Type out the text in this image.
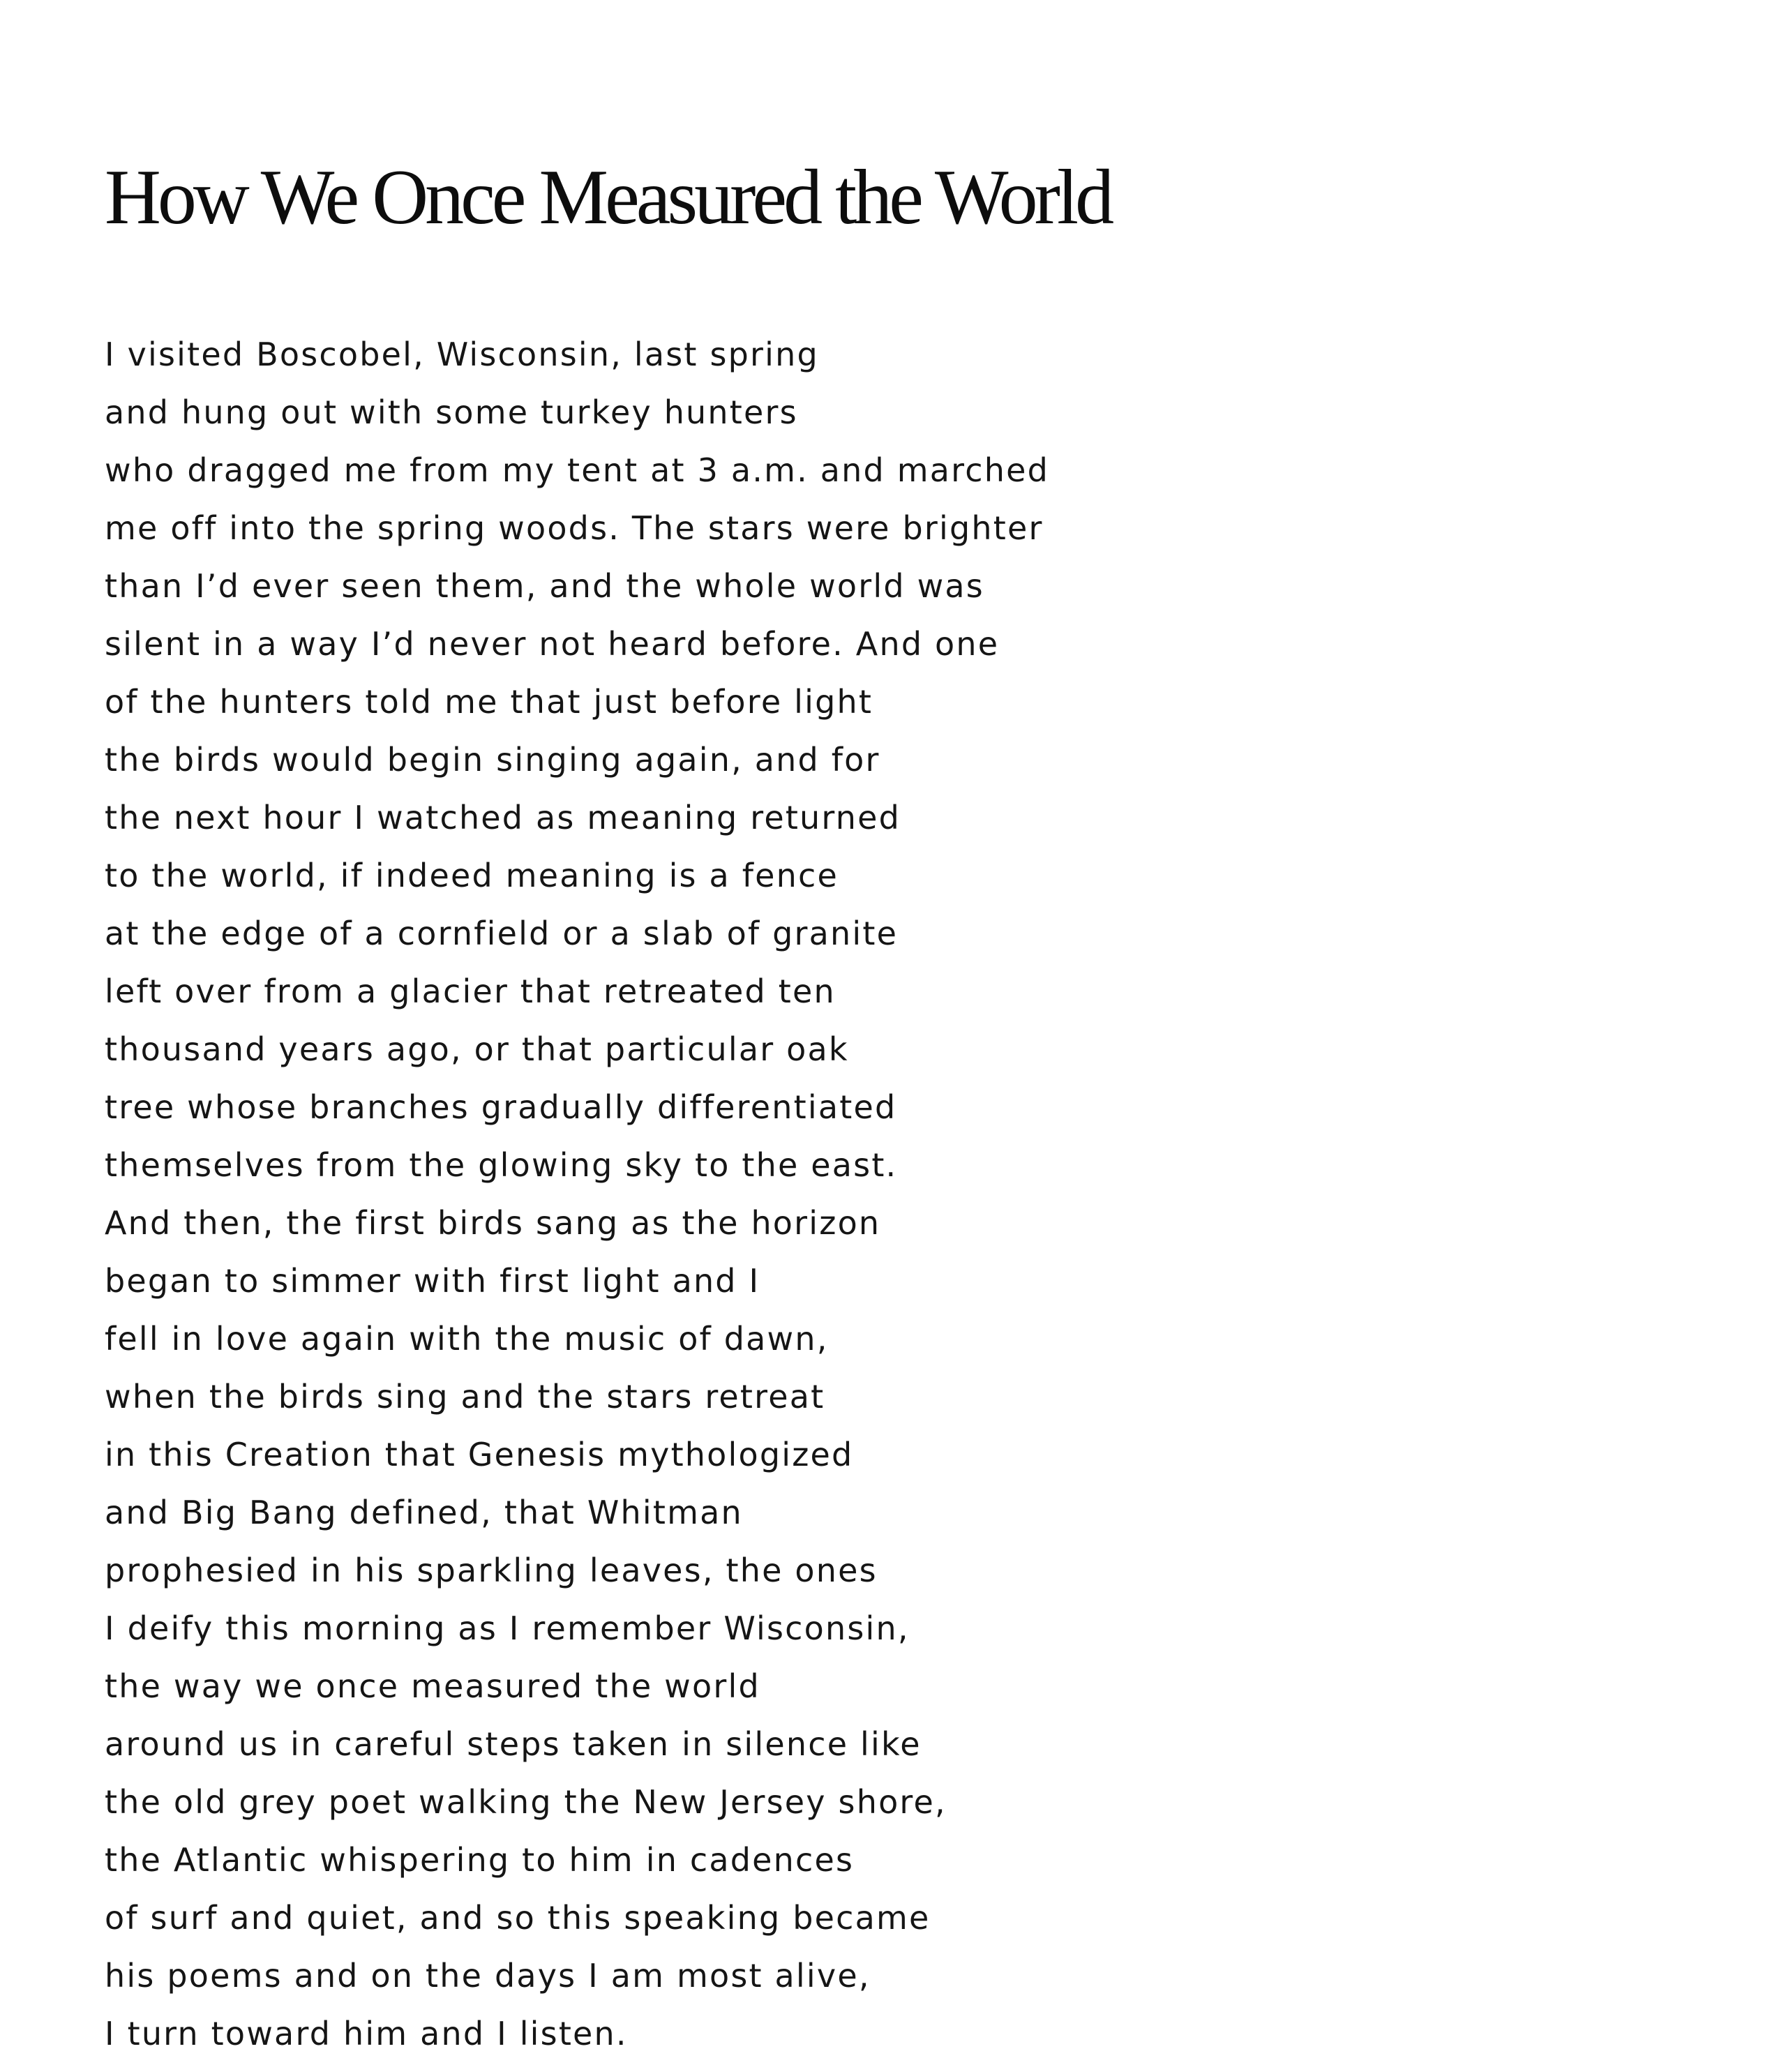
How We Once Measured the World
I visited Boscobel, Wisconsin, last spring
and hung out with some turkey hunters
who dragged me from my tent at 3 a.m. and marched
me off into the spring woods. The stars were brighter
than I’d ever seen them, and the whole world was
silent in a way I’d never not heard before. And one
of the hunters told me that just before light
the birds would begin singing again, and for
the next hour I watched as meaning returned
to the world, if indeed meaning is a fence
at the edge of a cornfield or a slab of granite
left over from a glacier that retreated ten
thousand years ago, or that particular oak
tree whose branches gradually differentiated
themselves from the glowing sky to the east.
And then, the first birds sang as the horizon
began to simmer with first light and I
fell in love again with the music of dawn,
when the birds sing and the stars retreat
in this Creation that Genesis mythologized
and Big Bang defined, that Whitman
prophesied in his sparkling leaves, the ones
I deify this morning as I remember Wisconsin,
the way we once measured the world
around us in careful steps taken in silence like
the old grey poet walking the New Jersey shore,
the Atlantic whispering to him in cadences
of surf and quiet, and so this speaking became
his poems and on the days I am most alive,
I turn toward him and I listen.
